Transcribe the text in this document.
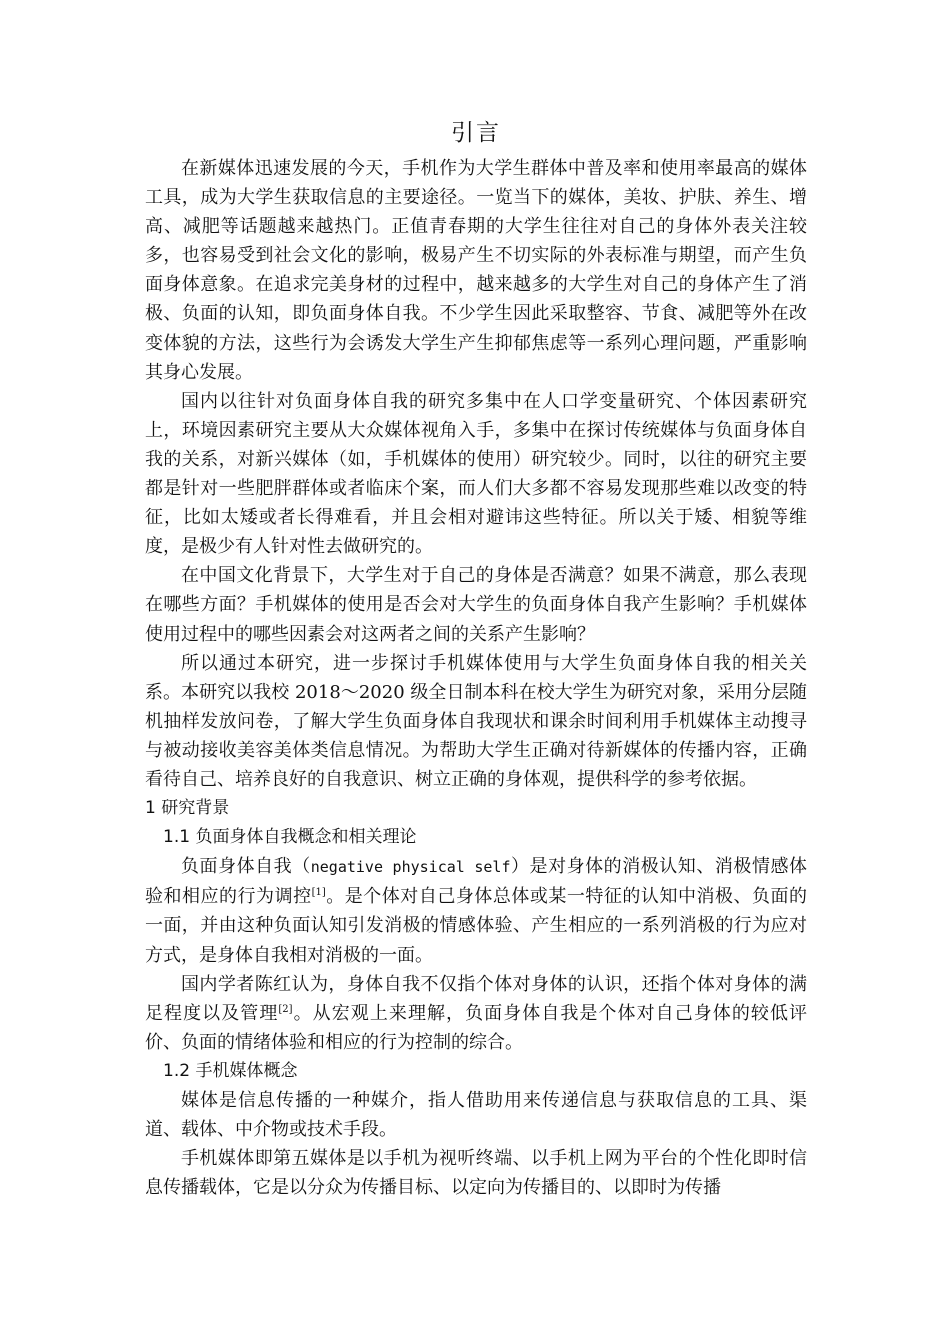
引言

在新媒体迅速发展的今天，手机作为大学生群体中普及率和使用率最高的媒体工具，成为大学生获取信息的主要途径。一览当下的媒体，美妆、护肤、养生、增高、减肥等话题越来越热门。正值青春期的大学生往往对自己的身体外表关注较多，也容易受到社会文化的影响，极易产生不切实际的外表标准与期望，而产生负面身体意象。在追求完美身材的过程中，越来越多的大学生对自己的身体产生了消极、负面的认知，即负面身体自我。不少学生因此采取整容、节食、减肥等外在改变体貌的方法，这些行为会诱发大学生产生抑郁焦虑等一系列心理问题，严重影响其身心发展。

国内以往针对负面身体自我的研究多集中在人口学变量研究、个体因素研究上，环境因素研究主要从大众媒体视角入手，多集中在探讨传统媒体与负面身体自我的关系，对新兴媒体（如，手机媒体的使用）研究较少。同时，以往的研究主要都是针对一些肥胖群体或者临床个案，而人们大多都不容易发现那些难以改变的特征，比如太矮或者长得难看，并且会相对避讳这些特征。所以关于矮、相貌等维度，是极少有人针对性去做研究的。

在中国文化背景下，大学生对于自己的身体是否满意？如果不满意，那么表现在哪些方面？手机媒体的使用是否会对大学生的负面身体自我产生影响？手机媒体使用过程中的哪些因素会对这两者之间的关系产生影响？

所以通过本研究，进一步探讨手机媒体使用与大学生负面身体自我的相关关系。本研究以我校 2018～2020 级全日制本科在校大学生为研究对象，采用分层随机抽样发放问卷，了解大学生负面身体自我现状和课余时间利用手机媒体主动搜寻与被动接收美容美体类信息情况。为帮助大学生正确对待新媒体的传播内容，正确看待自己、培养良好的自我意识、树立正确的身体观，提供科学的参考依据。

1 研究背景
1.1 负面身体自我概念和相关理论

负面身体自我（negative physical self）是对身体的消极认知、消极情感体验和相应的行为调控[1]。是个体对自己身体总体或某一特征的认知中消极、负面的一面，并由这种负面认知引发消极的情感体验、产生相应的一系列消极的行为应对方式，是身体自我相对消极的一面。

国内学者陈红认为，身体自我不仅指个体对身体的认识，还指个体对身体的满足程度以及管理[2]。从宏观上来理解，负面身体自我是个体对自己身体的较低评价、负面的情绪体验和相应的行为控制的综合。

1.2 手机媒体概念

媒体是信息传播的一种媒介，指人借助用来传递信息与获取信息的工具、渠道、载体、中介物或技术手段。

手机媒体即第五媒体是以手机为视听终端、以手机上网为平台的个性化即时信息传播载体，它是以分众为传播目标、以定向为传播目的、以即时为传播
